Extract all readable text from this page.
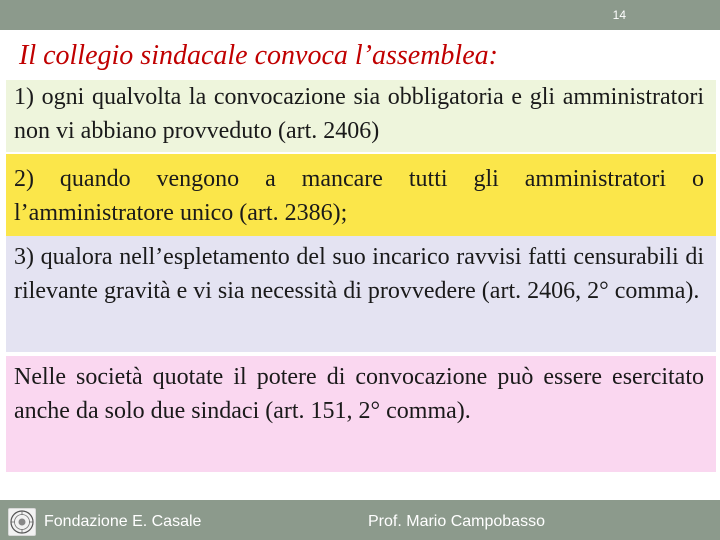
14
Il collegio sindacale convoca l’assemblea:

1) ogni qualvolta la convocazione sia obbligatoria e gli amministratori non vi abbiano provveduto (art. 2406)

2) quando vengono a mancare tutti gli amministratori o l’amministratore unico (art. 2386);

3) qualora nell’espletamento del suo incarico ravvisi fatti censurabili di rilevante gravità e vi sia necessità di provvedere (art. 2406, 2° comma).

Nelle società quotate il potere di convocazione può essere esercitato anche da solo due sindaci (art. 151, 2° comma).

Fondazione E. Casale	Prof. Mario Campobasso
